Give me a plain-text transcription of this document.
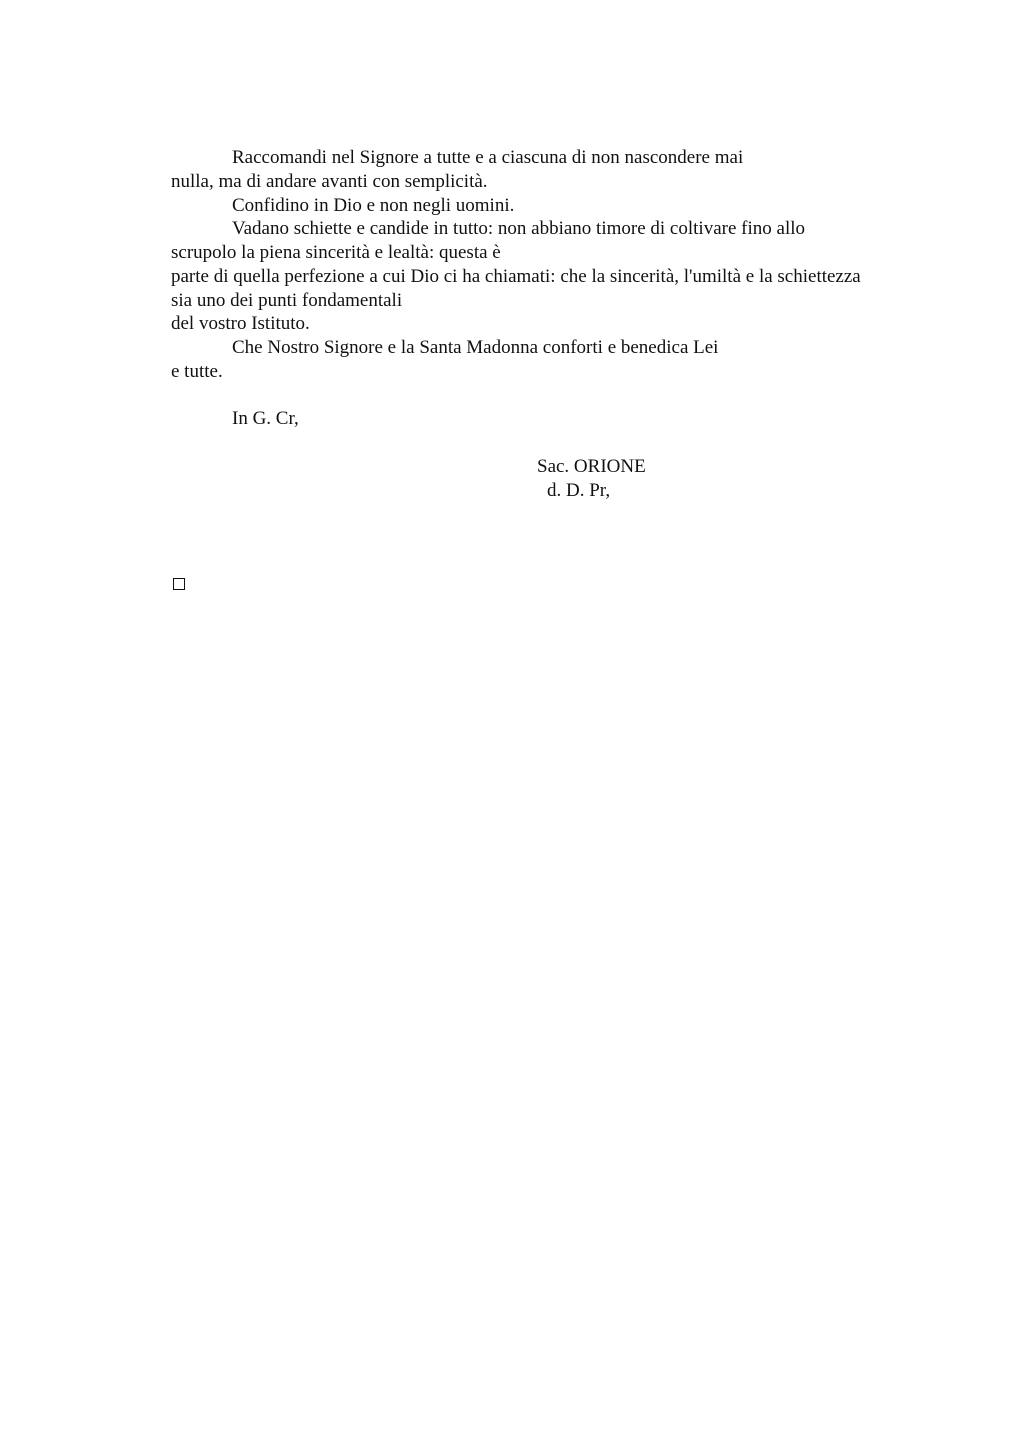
Raccomandi nel Signore a tutte e a ciascuna di non nascondere mai
nulla, ma di andare avanti con semplicità.
Confidino in Dio e non negli uomini.
Vadano schiette e candide in tutto: non abbiano timore di coltivare fino allo
scrupolo la piena sincerità e lealtà: questa è
parte di quella perfezione a cui Dio ci ha chiamati: che la sincerità, l'umiltà e la schiettezza
sia uno dei punti fondamentali
del vostro Istituto.
Che Nostro Signore e la Santa Madonna conforti e benedica Lei
e tutte.
In G. Cr,
Sac. ORIONE
d. D. Pr,
